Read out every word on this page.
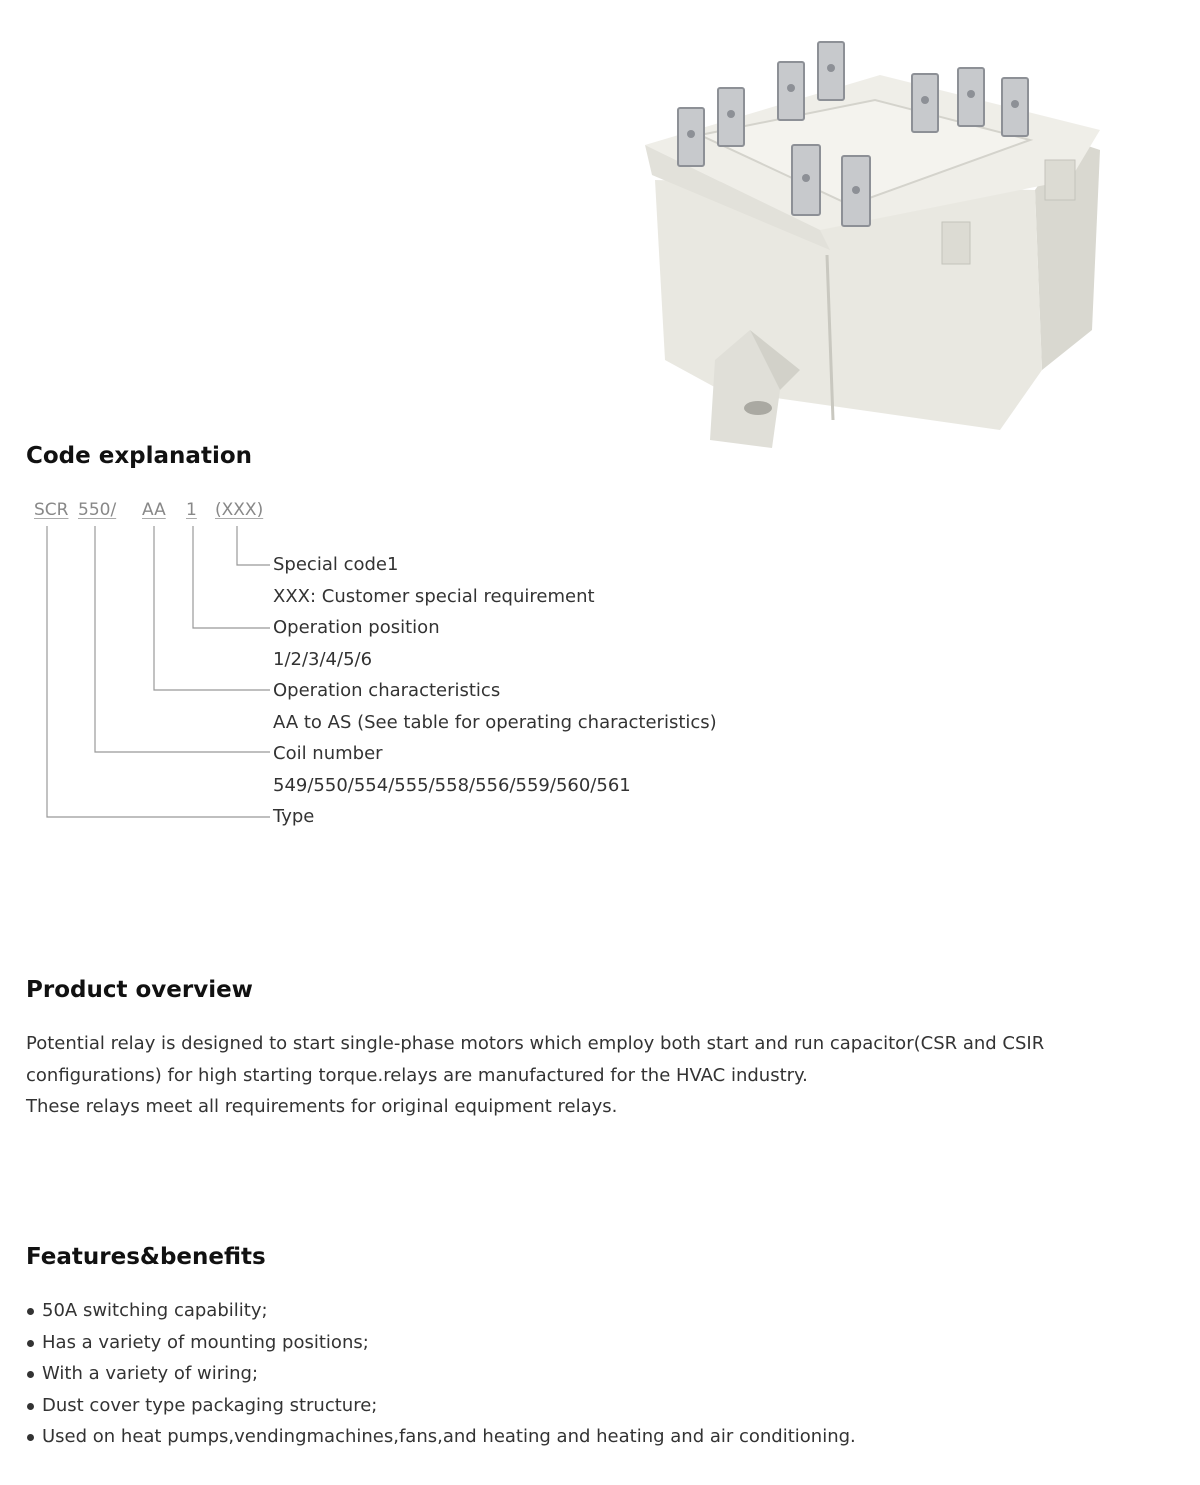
Code explanation
SCR 550/ AA 1 (XXX)
Special code1
XXX: Customer special requirement
Operation position
1/2/3/4/5/6
Operation characteristics
AA to AS (See table for operating characteristics)
Coil number
549/550/554/555/558/556/559/560/561
Type
Product overview

Potential relay is designed to start single-phase motors which employ both start and run capacitor(CSR and CSIR configurations) for high starting torque.relays are manufactured for the HVAC industry.

These relays meet all requirements for original equipment relays.

Features&benefits
50A switching capability;
Has a variety of mounting positions;
With a variety of wiring;
Dust cover type packaging structure;
Used on heat pumps,vendingmachines,fans,and heating and heating and air conditioning.
